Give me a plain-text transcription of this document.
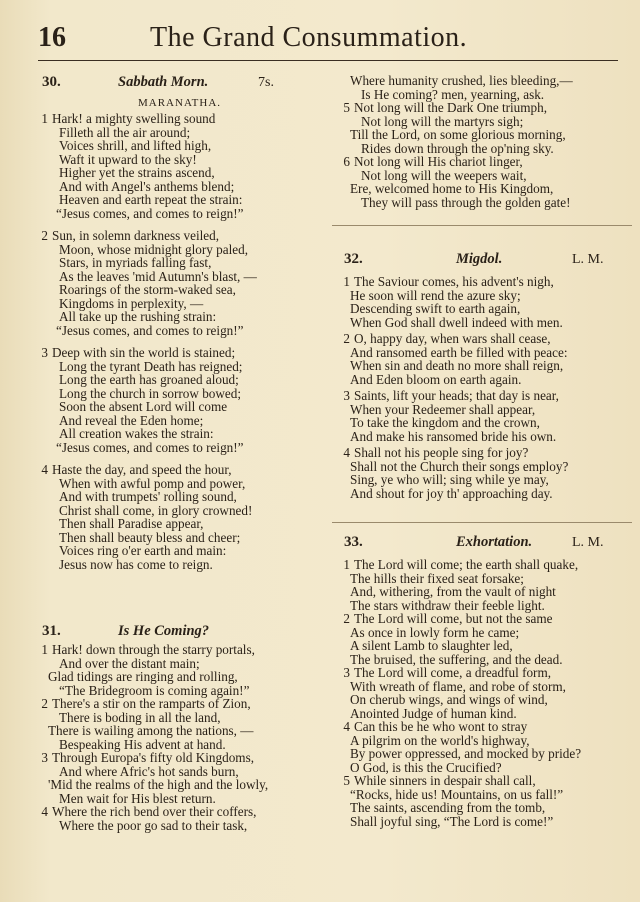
16	The Grand Consummation.
30.	Sabbath Morn.	7s.
MARANATHA.
1 Hark! a mighty swelling sound
Filleth all the air around;
Voices shrill, and lifted high,
Waft it upward to the sky!
Higher yet the strains ascend,
And with Angel's anthems blend;
Heaven and earth repeat the strain:
“Jesus comes, and comes to reign!”
2 Sun, in solemn darkness veiled,
Moon, whose midnight glory paled,
Stars, in myriads falling fast,
As the leaves 'mid Autumn's blast, —
Roarings of the storm-waked sea,
Kingdoms in perplexity, —
All take up the rushing strain:
“Jesus comes, and comes to reign!”
3 Deep with sin the world is stained;
Long the tyrant Death has reigned;
Long the earth has groaned aloud;
Long the church in sorrow bowed;
Soon the absent Lord will come
And reveal the Eden home;
All creation wakes the strain:
“Jesus comes, and comes to reign!”
4 Haste the day, and speed the hour,
When with awful pomp and power,
And with trumpets' rolling sound,
Christ shall come, in glory crowned!
Then shall Paradise appear,
Then shall beauty bless and cheer;
Voices ring o'er earth and main:
Jesus now has come to reign.
31.	Is He Coming?
1 Hark! down through the starry portals,
And over the distant main;
Glad tidings are ringing and rolling,
“The Bridegroom is coming again!”
2 There's a stir on the ramparts of Zion,
There is boding in all the land,
There is wailing among the nations, —
Bespeaking His advent at hand.
3 Through Europa's fifty old Kingdoms,
And where Afric's hot sands burn,
'Mid the realms of the high and the lowly,
Men wait for His blest return.
4 Where the rich bend over their coffers,
Where the poor go sad to their task,
Where humanity crushed, lies bleeding,—
Is He coming? men, yearning, ask.
5 Not long will the Dark One triumph,
Not long will the martyrs sigh;
Till the Lord, on some glorious morning,
Rides down through the op'ning sky.
6 Not long will His chariot linger,
Not long will the weepers wait,
Ere, welcomed home to His Kingdom,
They will pass through the golden gate!
32.	Migdol.	L. M.
1 The Saviour comes, his advent's nigh,
He soon will rend the azure sky;
Descending swift to earth again,
When God shall dwell indeed with men.
2 O, happy day, when wars shall cease,
And ransomed earth be filled with peace:
When sin and death no more shall reign,
And Eden bloom on earth again.
3 Saints, lift your heads; that day is near,
When your Redeemer shall appear,
To take the kingdom and the crown,
And make his ransomed bride his own.
4 Shall not his people sing for joy?
Shall not the Church their songs employ?
Sing, ye who will; sing while ye may,
And shout for joy th' approaching day.
33.	Exhortation.	L. M.
1 The Lord will come; the earth shall quake,
The hills their fixed seat forsake;
And, withering, from the vault of night
The stars withdraw their feeble light.
2 The Lord will come, but not the same
As once in lowly form he came;
A silent Lamb to slaughter led,
The bruised, the suffering, and the dead.
3 The Lord will come, a dreadful form,
With wreath of flame, and robe of storm,
On cherub wings, and wings of wind,
Anointed Judge of human kind.
4 Can this be he who wont to stray
A pilgrim on the world's highway,
By power oppressed, and mocked by pride?
O God, is this the Crucified?
5 While sinners in despair shall call,
“Rocks, hide us! Mountains, on us fall!”
The saints, ascending from the tomb,
Shall joyful sing, “The Lord is come!”
